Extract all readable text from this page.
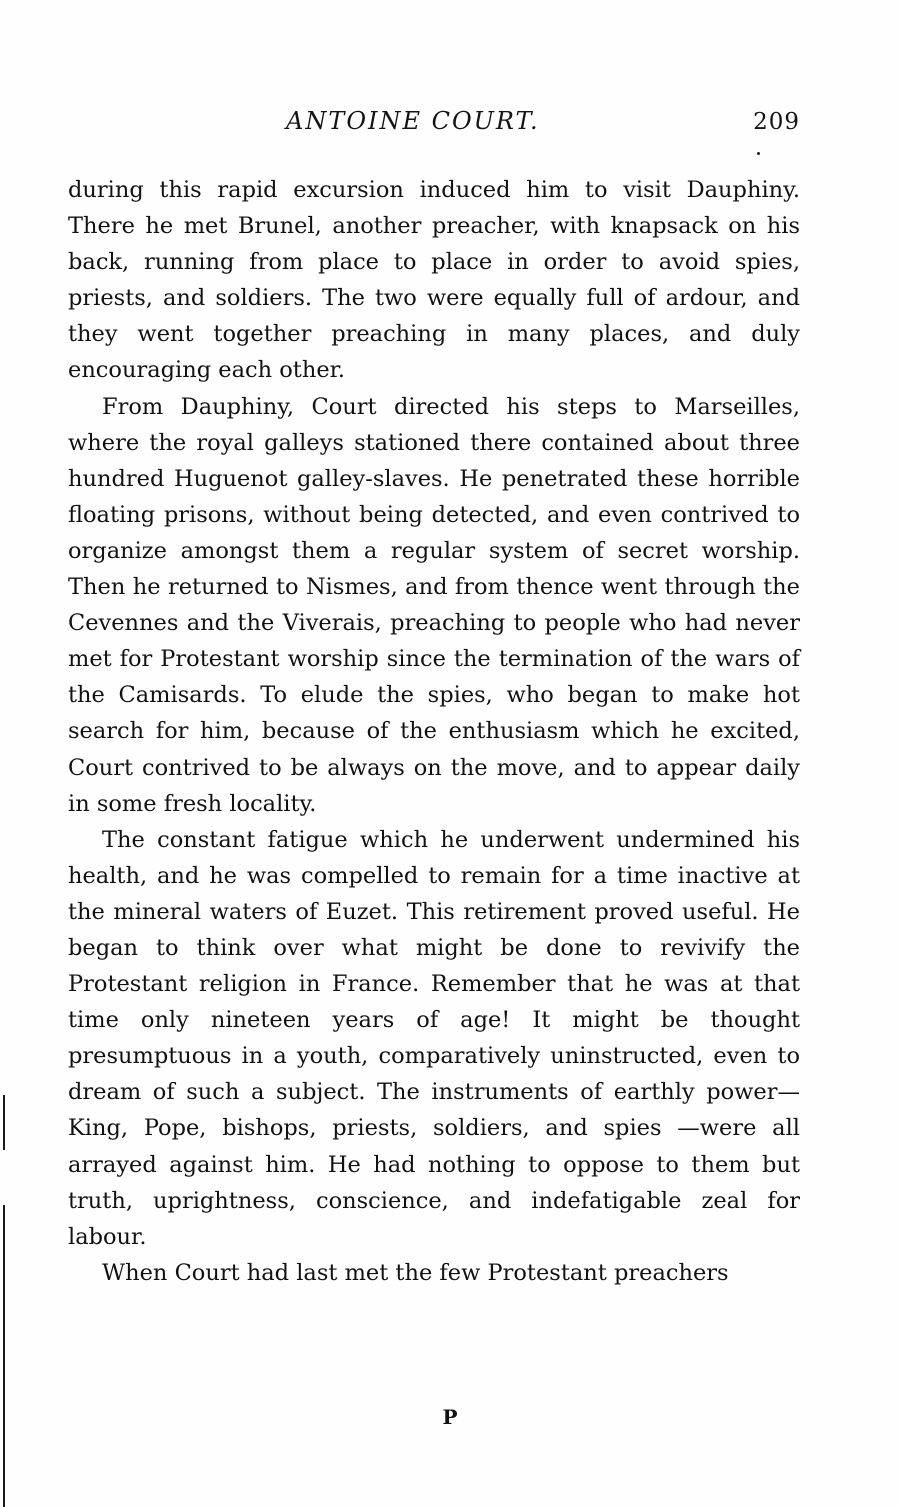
ANTOINE COURT.	209

during this rapid excursion induced him to visit Dauphiny. There he met Brunel, another preacher, with knapsack on his back, running from place to place in order to avoid spies, priests, and soldiers. The two were equally full of ardour, and they went together preaching in many places, and duly encouraging each other.

From Dauphiny, Court directed his steps to Marseilles, where the royal galleys stationed there contained about three hundred Huguenot galley-slaves. He penetrated these horrible floating prisons, without being detected, and even contrived to organize amongst them a regular system of secret worship. Then he returned to Nismes, and from thence went through the Cevennes and the Viverais, preaching to people who had never met for Protestant worship since the termination of the wars of the Camisards. To elude the spies, who began to make hot search for him, because of the enthusiasm which he excited, Court contrived to be always on the move, and to appear daily in some fresh locality.

The constant fatigue which he underwent undermined his health, and he was compelled to remain for a time inactive at the mineral waters of Euzet. This retirement proved useful. He began to think over what might be done to revivify the Protestant religion in France. Remember that he was at that time only nineteen years of age! It might be thought presumptuous in a youth, comparatively uninstructed, even to dream of such a subject. The instruments of earthly power—King, Pope, bishops, priests, soldiers, and spies —were all arrayed against him. He had nothing to oppose to them but truth, uprightness, conscience, and indefatigable zeal for labour.

When Court had last met the few Protestant preachers

P
